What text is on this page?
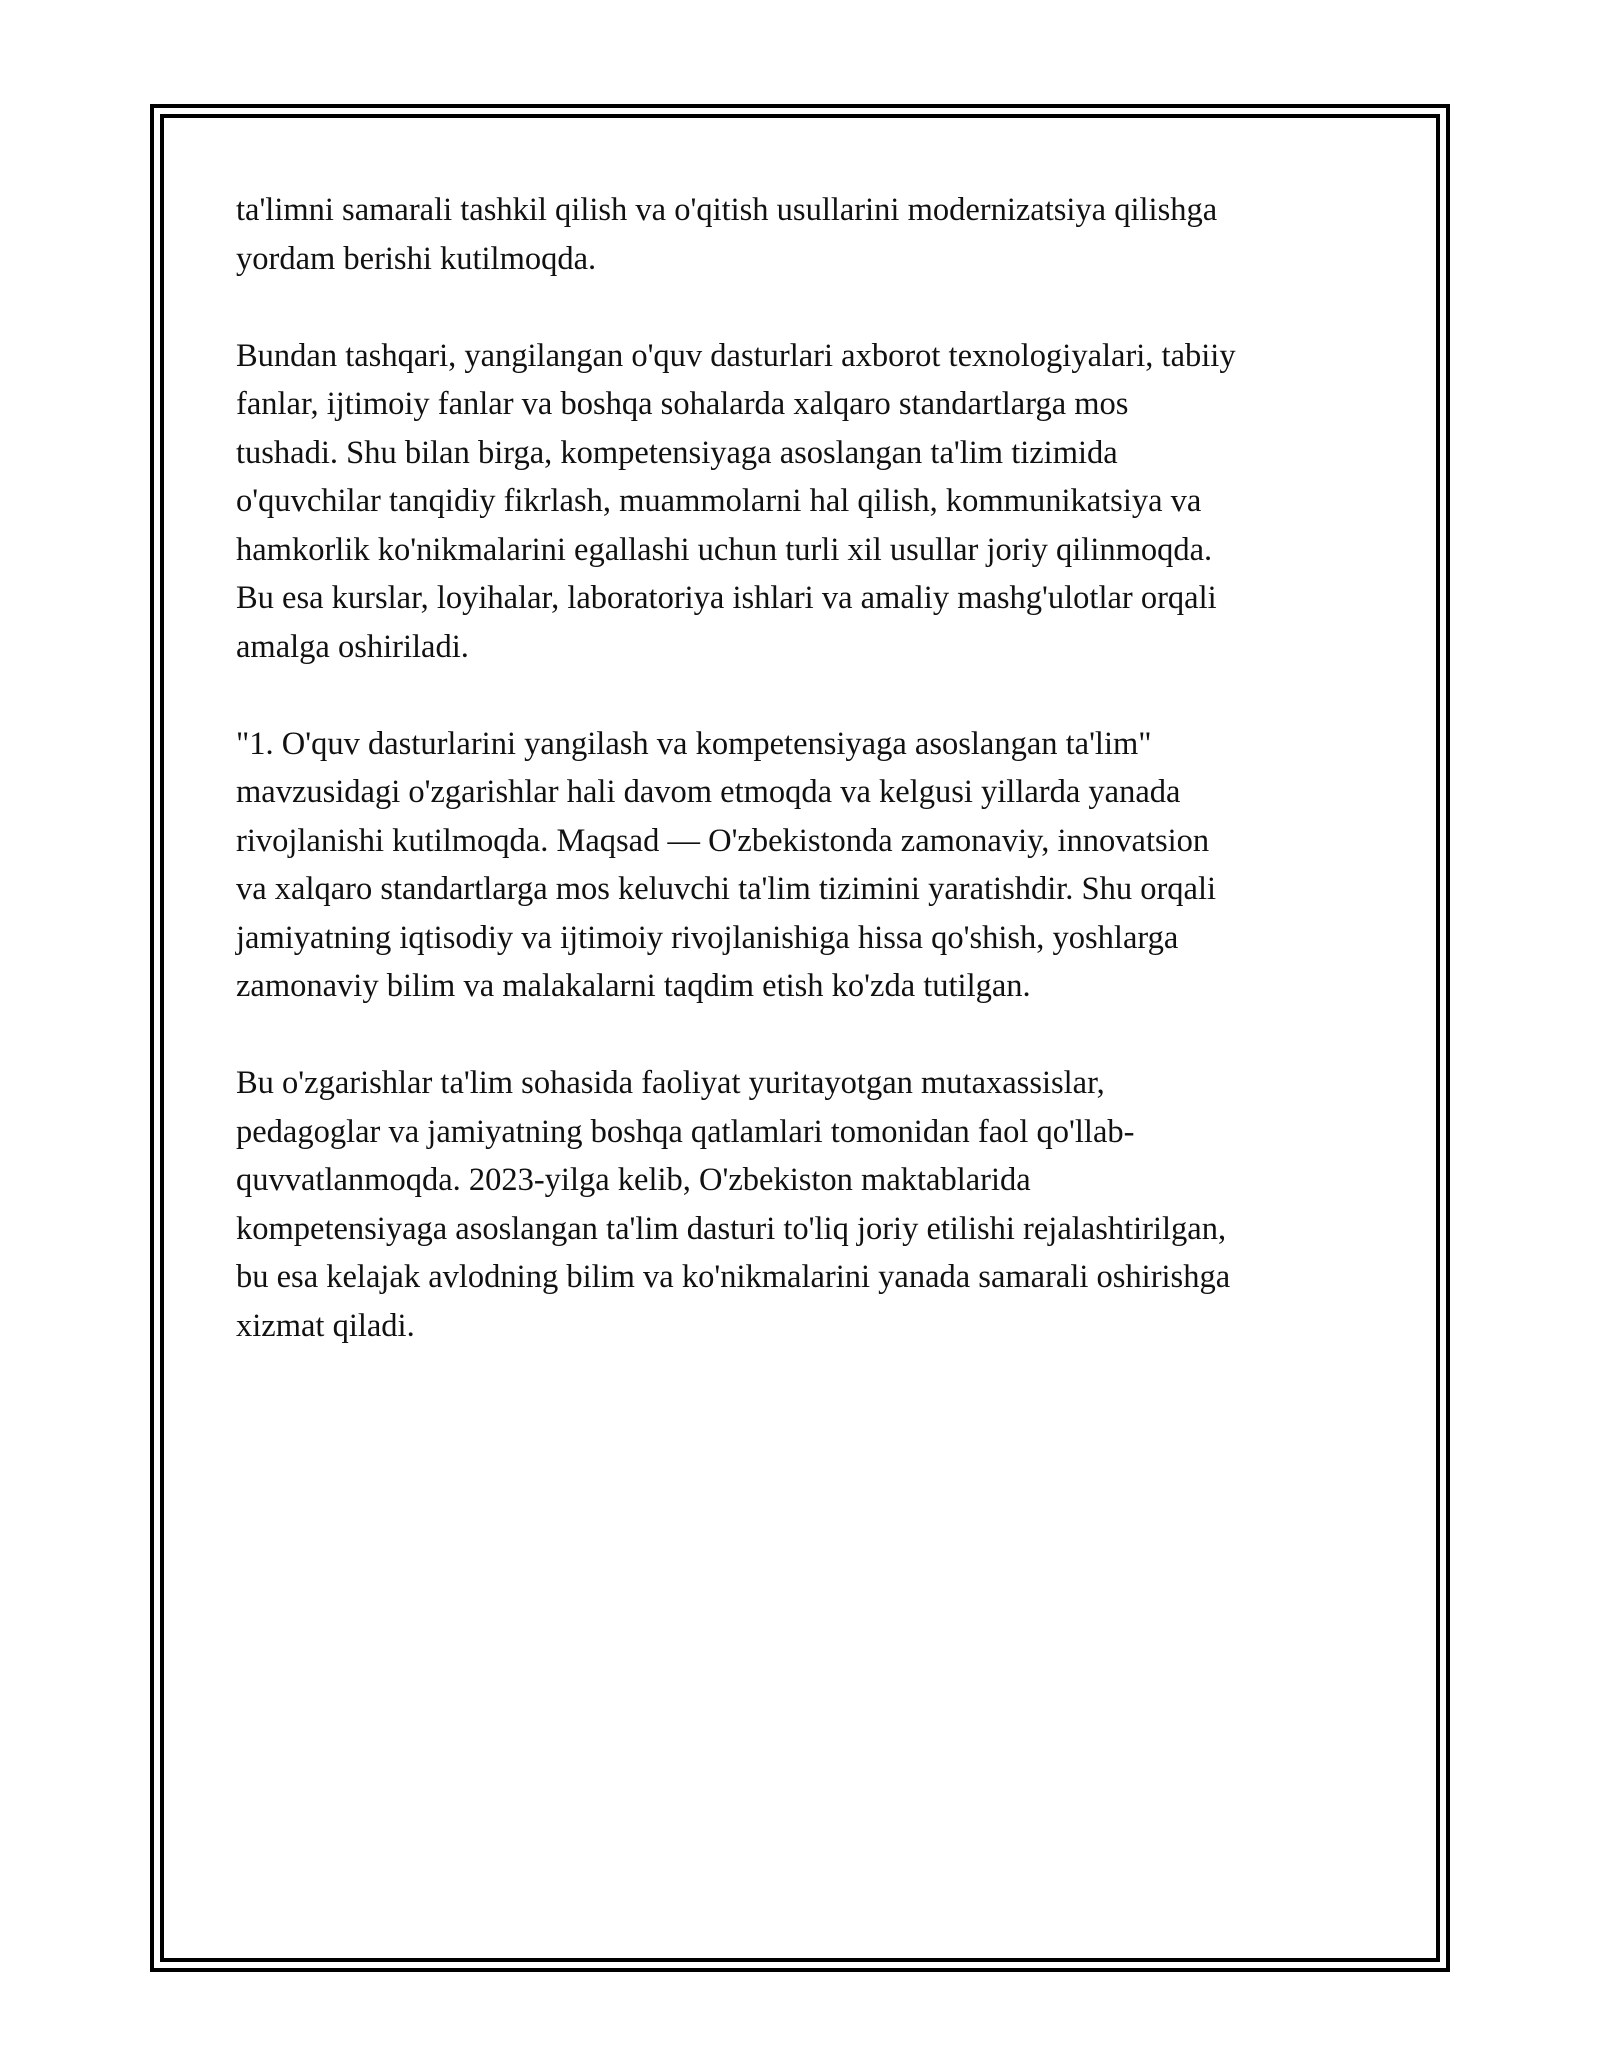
ta'limni samarali tashkil qilish va o'qitish usullarini modernizatsiya qilishga
yordam berishi kutilmoqda.

Bundan tashqari, yangilangan o'quv dasturlari axborot texnologiyalari, tabiiy
fanlar, ijtimoiy fanlar va boshqa sohalarda xalqaro standartlarga mos
tushadi. Shu bilan birga, kompetensiyaga asoslangan ta'lim tizimida
o'quvchilar tanqidiy fikrlash, muammolarni hal qilish, kommunikatsiya va
hamkorlik ko'nikmalarini egallashi uchun turli xil usullar joriy qilinmoqda.
Bu esa kurslar, loyihalar, laboratoriya ishlari va amaliy mashg'ulotlar orqali
amalga oshiriladi.

"1. O'quv dasturlarini yangilash va kompetensiyaga asoslangan ta'lim"
mavzusidagi o'zgarishlar hali davom etmoqda va kelgusi yillarda yanada
rivojlanishi kutilmoqda. Maqsad — O'zbekistonda zamonaviy, innovatsion
va xalqaro standartlarga mos keluvchi ta'lim tizimini yaratishdir. Shu orqali
jamiyatning iqtisodiy va ijtimoiy rivojlanishiga hissa qo'shish, yoshlarga
zamonaviy bilim va malakalarni taqdim etish ko'zda tutilgan.

Bu o'zgarishlar ta'lim sohasida faoliyat yuritayotgan mutaxassislar,
pedagoglar va jamiyatning boshqa qatlamlari tomonidan faol qo'llab-
quvvatlanmoqda. 2023-yilga kelib, O'zbekiston maktablarida
kompetensiyaga asoslangan ta'lim dasturi to'liq joriy etilishi rejalashtirilgan,
bu esa kelajak avlodning bilim va ko'nikmalarini yanada samarali oshirishga
xizmat qiladi.
